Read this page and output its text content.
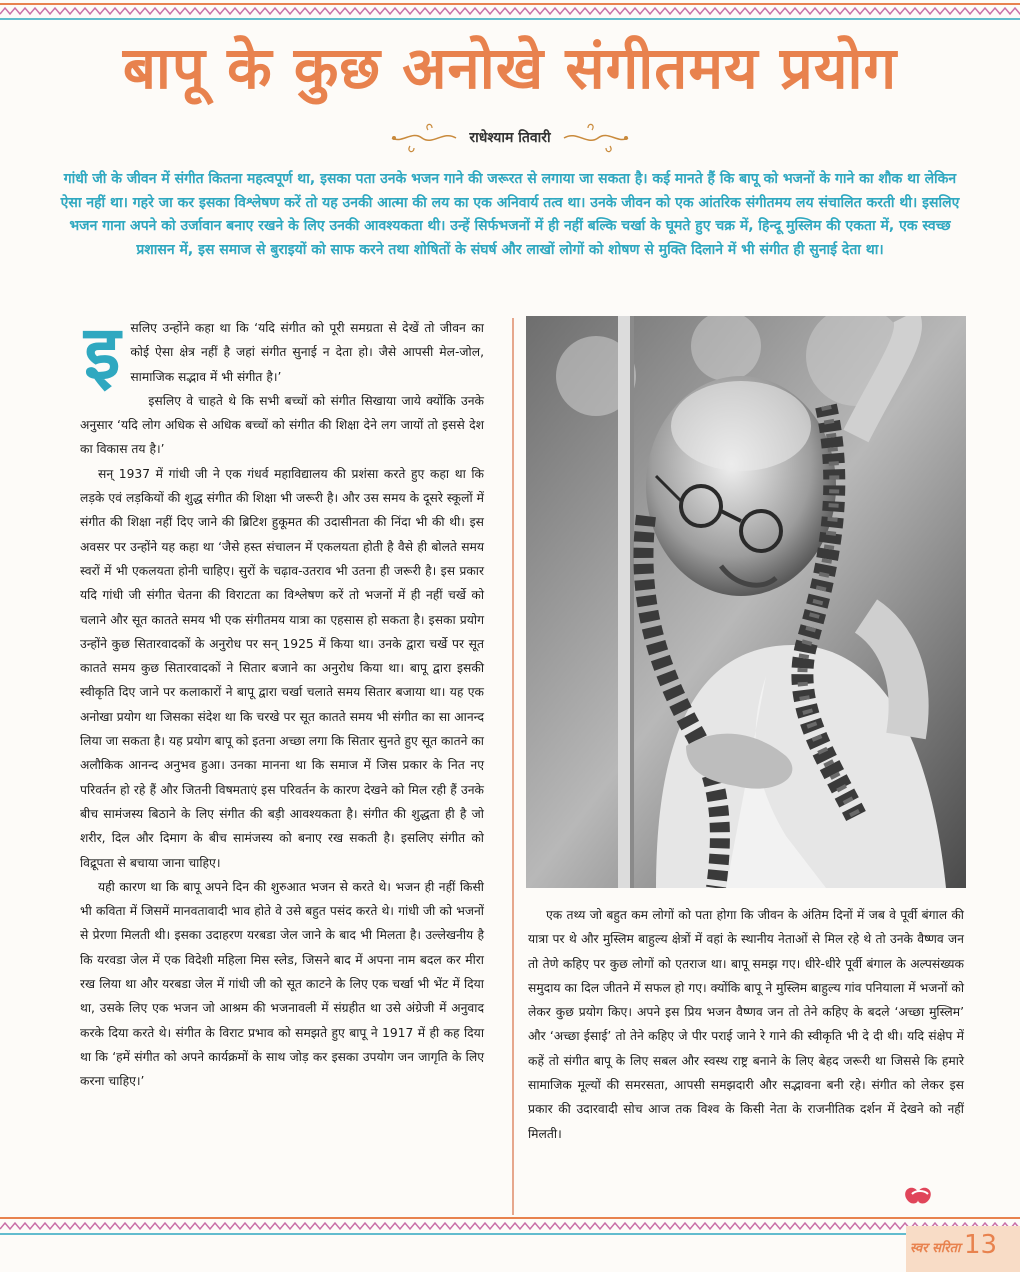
बापू के कुछ अनोखे संगीतमय प्रयोग
राधेश्याम तिवारी
गांधी जी के जीवन में संगीत कितना महत्वपूर्ण था, इसका पता उनके भजन गाने की जरूरत से लगाया जा सकता है। कई मानते हैं कि बापू को भजनों के गाने का शौक था लेकिन ऐसा नहीं था। गहरे जा कर इसका विश्लेषण करें तो यह उनकी आत्मा की लय का एक अनिवार्य तत्व था। उनके जीवन को एक आंतरिक संगीतमय लय संचालित करती थी। इसलिए भजन गाना अपने को उर्जावान बनाए रखने के लिए उनकी आवश्यकता थी। उन्हें सिर्फभजनों में ही नहीं बल्कि चर्खा के घूमते हुए चक्र में, हिन्दू मुस्लिम की एकता में, एक स्वच्छ प्रशासन में, इस समाज से बुराइयों को साफ करने तथा शोषितों के संघर्ष और लाखों लोगों को शोषण से मुक्ति दिलाने में भी संगीत ही सुनाई देता था।

इसलिए उन्होंने कहा था कि ‘यदि संगीत को पूरी समग्रता से देखें तो जीवन का कोई ऐसा क्षेत्र नहीं है जहां संगीत सुनाई न देता हो। जैसे आपसी मेल-जोल, सामाजिक सद्भाव में भी संगीत है।’

इसलिए वे चाहते थे कि सभी बच्चों को संगीत सिखाया जाये क्योंकि उनके अनुसार ‘यदि लोग अधिक से अधिक बच्चों को संगीत की शिक्षा देने लग जायों तो इससे देश का विकास तय है।’

सन् 1937 में गांधी जी ने एक गंधर्व महाविद्यालय की प्रशंसा करते हुए कहा था कि लड़के एवं लड़कियों की शुद्ध संगीत की शिक्षा भी जरूरी है। और उस समय के दूसरे स्कूलों में संगीत की शिक्षा नहीं दिए जाने की ब्रिटिश हुकूमत की उदासीनता की निंदा भी की थी। इस अवसर पर उन्होंने यह कहा था ‘जैसे हस्त संचालन में एकलयता होती है वैसे ही बोलते समय स्वरों में भी एकलयता होनी चाहिए। सुरों के चढ़ाव-उतराव भी उतना ही जरूरी है। इस प्रकार यदि गांधी जी संगीत चेतना की विराटता का विश्लेषण करें तो भजनों में ही नहीं चर्खे को चलाने और सूत कातते समय भी एक संगीतमय यात्रा का एहसास हो सकता है। इसका प्रयोग उन्होंने कुछ सितारवादकों के अनुरोध पर सन् 1925 में किया था। उनके द्वारा चर्खे पर सूत कातते समय कुछ सितारवादकों ने सितार बजाने का अनुरोध किया था। बापू द्वारा इसकी स्वीकृति दिए जाने पर कलाकारों ने बापू द्वारा चर्खा चलाते समय सितार बजाया था। यह एक अनोखा प्रयोग था जिसका संदेश था कि चरखे पर सूत कातते समय भी संगीत का सा आनन्द लिया जा सकता है। यह प्रयोग बापू को इतना अच्छा लगा कि सितार सुनते हुए सूत कातने का अलौकिक आनन्द अनुभव हुआ। उनका मानना था कि समाज में जिस प्रकार के नित नए परिवर्तन हो रहे हैं और जितनी विषमताएं इस परिवर्तन के कारण देखने को मिल रही हैं उनके बीच सामंजस्य बिठाने के लिए संगीत की बड़ी आवश्यकता है। संगीत की शुद्धता ही है जो शरीर, दिल और दिमाग के बीच सामंजस्य को बनाए रख सकती है। इसलिए संगीत को विद्रूपता से बचाया जाना चाहिए।

यही कारण था कि बापू अपने दिन की शुरुआत भजन से करते थे। भजन ही नहीं किसी भी कविता में जिसमें मानवतावादी भाव होते वे उसे बहुत पसंद करते थे। गांधी जी को भजनों से प्रेरणा मिलती थी। इसका उदाहरण यरबडा जेल जाने के बाद भी मिलता है। उल्लेखनीय है कि यरवडा जेल में एक विदेशी महिला मिस स्लेड, जिसने बाद में अपना नाम बदल कर मीरा रख लिया था और यरबडा जेल में गांधी जी को सूत काटने के लिए एक चर्खा भी भेंट में दिया था, उसके लिए एक भजन जो आश्रम की भजनावली में संग्रहीत था उसे अंग्रेजी में अनुवाद करके दिया करते थे। संगीत के विराट प्रभाव को समझते हुए बापू ने 1917 में ही कह दिया था कि ‘हमें संगीत को अपने कार्यक्रमों के साथ जोड़ कर इसका उपयोग जन जागृति के लिए करना चाहिए।’

एक तथ्य जो बहुत कम लोगों को पता होगा कि जीवन के अंतिम दिनों में जब वे पूर्वी बंगाल की यात्रा पर थे और मुस्लिम बाहुल्य क्षेत्रों में वहां के स्थानीय नेताओं से मिल रहे थे तो उनके वैष्णव जन तो तेणे कहिए पर कुछ लोगों को एतराज था। बापू समझ गए। धीरे-धीरे पूर्वी बंगाल के अल्पसंख्यक समुदाय का दिल जीतने में सफल हो गए। क्योंकि बापू ने मुस्लिम बाहुल्य गांव पनियाला में भजनों को लेकर कुछ प्रयोग किए। अपने इस प्रिय भजन वैष्णव जन तो तेने कहिए के बदले ‘अच्छा मुस्लिम’ और ‘अच्छा ईसाई’ तो तेने कहिए जे पीर पराई जाने रे गाने की स्वीकृति भी दे दी थी। यदि संक्षेप में कहें तो संगीत बापू के लिए सबल और स्वस्थ राष्ट्र बनाने के लिए बेहद जरूरी था जिससे कि हमारे सामाजिक मूल्यों की समरसता, आपसी समझदारी और सद्भावना बनी रहे। संगीत को लेकर इस प्रकार की उदारवादी सोच आज तक विश्व के किसी नेता के राजनीतिक दर्शन में देखने को नहीं मिलती।

स्वर सरिता 13
